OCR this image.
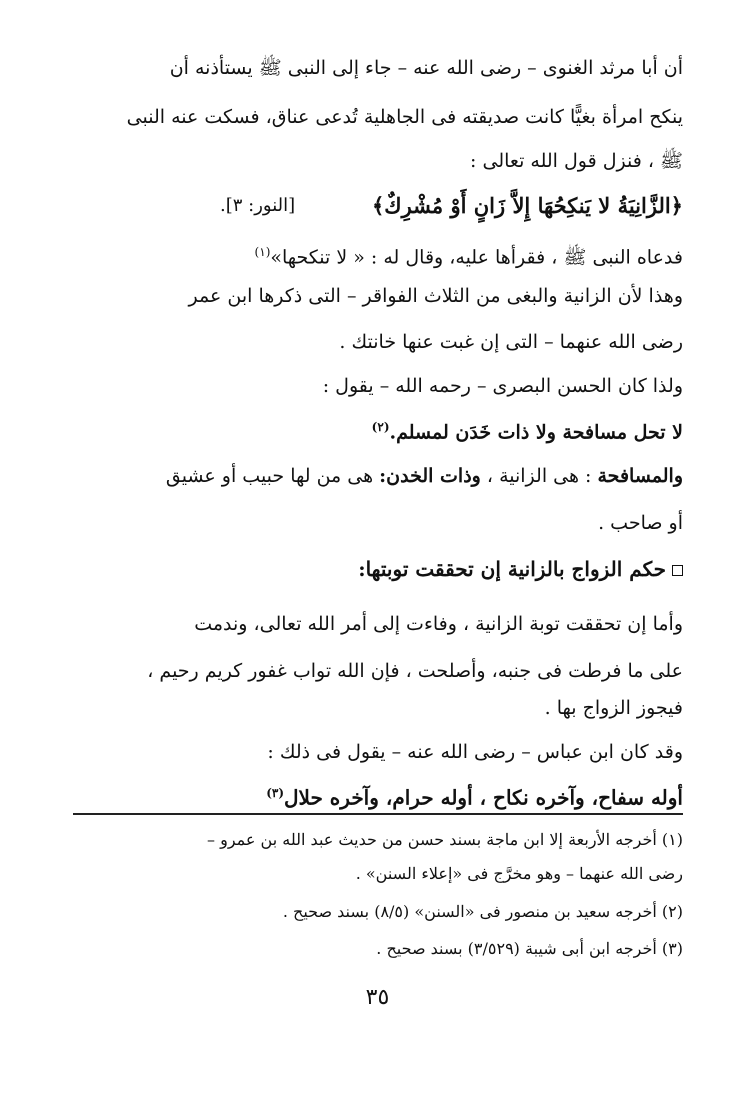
أن أبا مرثد الغنوى – رضى الله عنه – جاء إلى النبى ﷺ يستأذنه أن
ينكح امرأة بغيًّا كانت صديقته فى الجاهلية تُدعى عناق، فسكت عنه النبى
ﷺ ، فنزل قول الله تعالى :
﴿الزَّانِيَةُ لا يَنكِحُهَا إِلاَّ زَانٍ أَوْ مُشْرِكٌ﴾
[النور: ٣].
فدعاه النبى ﷺ ، فقرأها عليه، وقال له : « لا تنكحها»$^{(١)}$
وهذا لأن الزانية والبغى من الثلاث الفواقر – التى ذكرها ابن عمر
رضى الله عنهما – التى إن غبت عنها خانتك .
ولذا كان الحسن البصرى – رحمه الله – يقول :
لا تحل مسافحة ولا ذات خَدَن لمسلم.$^{(٢)}$
والمسافحة : هى الزانية ، وذات الخدن: هى من لها حبيب أو عشيق
أو صاحب .
حكم الزواج بالزانية إن تحققت توبتها:
وأما إن تحققت توبة الزانية ، وفاءت إلى أمر الله تعالى، وندمت
على ما فرطت فى جنبه، وأصلحت ، فإن الله تواب غفور كريم رحيم ،
فيجوز الزواج بها .
وقد كان ابن عباس – رضى الله عنه – يقول فى ذلك :
أوله سفاح، وآخره نكاح ، أوله حرام، وآخره حلال$^{(٣)}$
(١) أخرجه الأربعة إلا ابن ماجة بسند حسن من حديث عبد الله بن عمرو –
رضى الله عنهما – وهو مخرَّج فى «إعلاء السنن» .
(٢) أخرجه سعيد بن منصور فى «السنن» (٨/٥) بسند صحيح .
(٣) أخرجه ابن أبى شيبة (٣/٥٢٩) بسند صحيح .
٣٥
